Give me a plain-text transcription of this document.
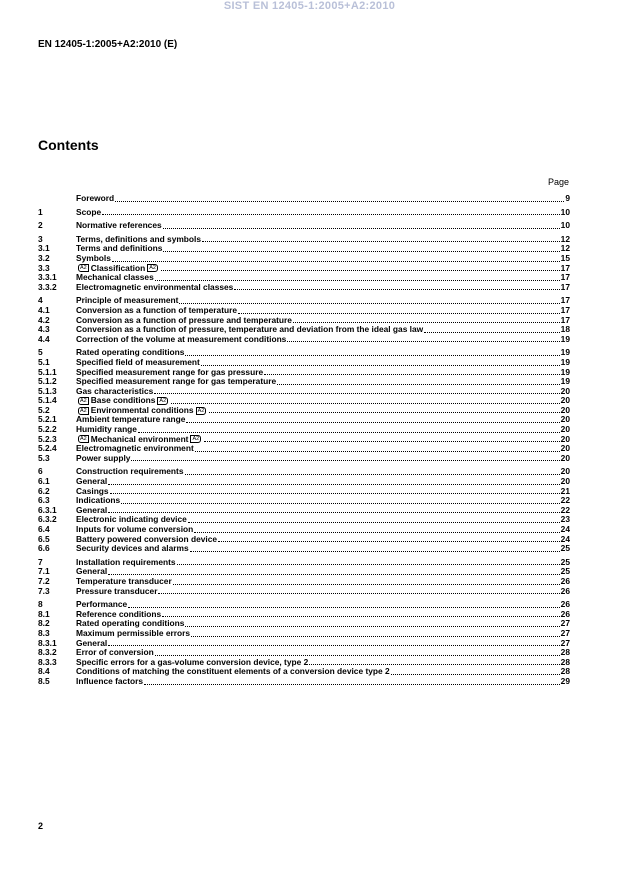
SIST EN 12405-1:2005+A2:2010
EN 12405-1:2005+A2:2010 (E)
Contents
Page
Foreword	9
1	Scope	10
2	Normative references	10
3	Terms, definitions and symbols	12
3.1	Terms and definitions	12
3.2	Symbols	15
3.3	A2 Classification A2	17
3.3.1	Mechanical classes	17
3.3.2	Electromagnetic environmental classes	17
4	Principle of measurement	17
4.1	Conversion as a function of temperature	17
4.2	Conversion as a function of pressure and temperature	17
4.3	Conversion as a function of pressure, temperature and deviation from the ideal gas law	18
4.4	Correction of the volume at measurement conditions	19
5	Rated operating conditions	19
5.1	Specified field of measurement	19
5.1.1	Specified measurement range for gas pressure	19
5.1.2	Specified measurement range for gas temperature	19
5.1.3	Gas characteristics	20
5.1.4	A2 Base conditions A2	20
5.2	A2 Environmental conditions A2	20
5.2.1	Ambient temperature range	20
5.2.2	Humidity range	20
5.2.3	A2 Mechanical environment A2	20
5.2.4	Electromagnetic environment	20
5.3	Power supply	20
6	Construction requirements	20
6.1	General	20
6.2	Casings	21
6.3	Indications	22
6.3.1	General	22
6.3.2	Electronic indicating device	23
6.4	Inputs for volume conversion	24
6.5	Battery powered conversion device	24
6.6	Security devices and alarms	25
7	Installation requirements	25
7.1	General	25
7.2	Temperature transducer	26
7.3	Pressure transducer	26
8	Performance	26
8.1	Reference conditions	26
8.2	Rated operating conditions	27
8.3	Maximum permissible errors	27
8.3.1	General	27
8.3.2	Error of conversion	28
8.3.3	Specific errors for a gas-volume conversion device, type 2	28
8.4	Conditions of matching the constituent elements of a conversion device type 2	28
8.5	Influence factors	29
2
